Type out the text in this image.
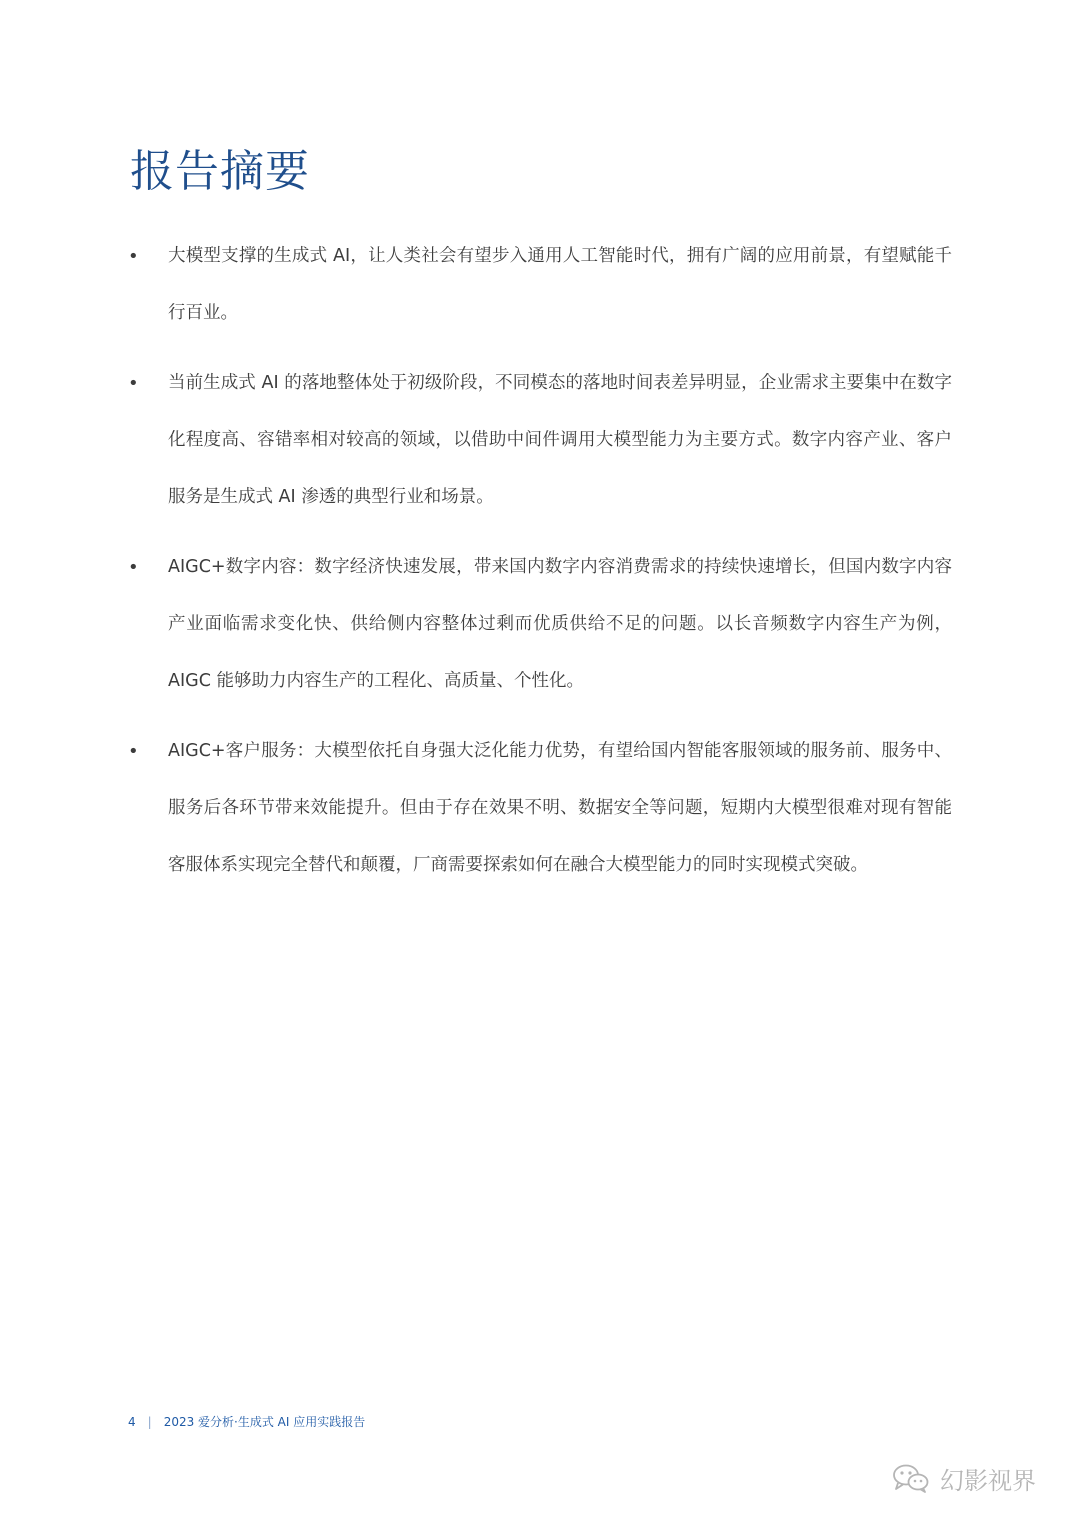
报告摘要
• 大模型支撑的生成式 AI，让人类社会有望步入通用人工智能时代，拥有广阔的应用前景，有望赋能千行百业。
• 当前生成式 AI 的落地整体处于初级阶段，不同模态的落地时间表差异明显，企业需求主要集中在数字化程度高、容错率相对较高的领域，以借助中间件调用大模型能力为主要方式。数字内容产业、客户服务是生成式 AI 渗透的典型行业和场景。
• AIGC+数字内容：数字经济快速发展，带来国内数字内容消费需求的持续快速增长，但国内数字内容产业面临需求变化快、供给侧内容整体过剩而优质供给不足的问题。以长音频数字内容生产为例，AIGC 能够助力内容生产的工程化、高质量、个性化。
• AIGC+客户服务：大模型依托自身强大泛化能力优势，有望给国内智能客服领域的服务前、服务中、服务后各环节带来效能提升。但由于存在效果不明、数据安全等问题，短期内大模型很难对现有智能客服体系实现完全替代和颠覆，厂商需要探索如何在融合大模型能力的同时实现模式突破。
4 | 2023 爱分析·生成式 AI 应用实践报告
幻影视界
